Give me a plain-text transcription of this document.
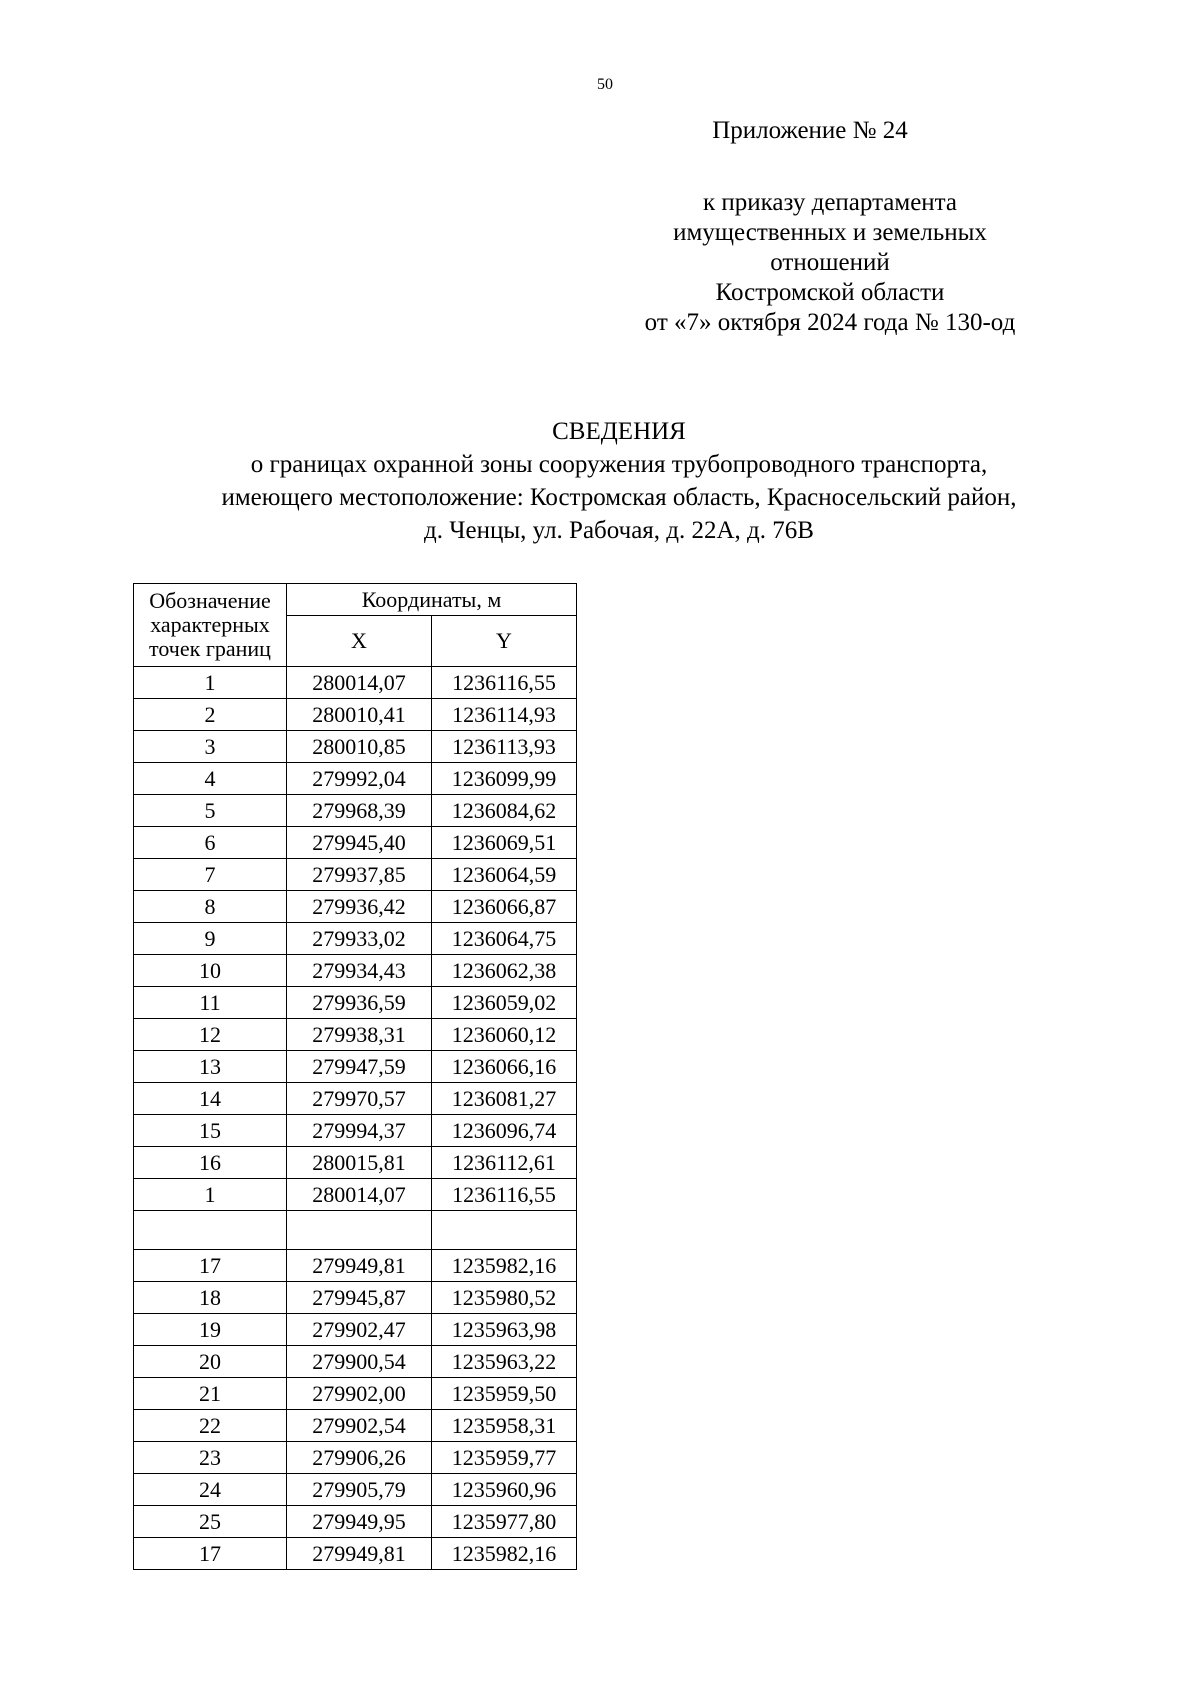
50
Приложение № 24
к приказу департамента
имущественных и земельных
отношений
Костромской области
от «7» октября 2024 года № 130-од
СВЕДЕНИЯ
о границах охранной зоны сооружения трубопроводного транспорта,
имеющего местоположение: Костромская область, Красносельский район,
д. Ченцы, ул. Рабочая, д. 22А, д. 76В
Обозначение характерных точек границ	Координаты, м	
	X	Y
1	280014,07	1236116,55
2	280010,41	1236114,93
3	280010,85	1236113,93
4	279992,04	1236099,99
5	279968,39	1236084,62
6	279945,40	1236069,51
7	279937,85	1236064,59
8	279936,42	1236066,87
9	279933,02	1236064,75
10	279934,43	1236062,38
11	279936,59	1236059,02
12	279938,31	1236060,12
13	279947,59	1236066,16
14	279970,57	1236081,27
15	279994,37	1236096,74
16	280015,81	1236112,61
1	280014,07	1236116,55

17	279949,81	1235982,16
18	279945,87	1235980,52
19	279902,47	1235963,98
20	279900,54	1235963,22
21	279902,00	1235959,50
22	279902,54	1235958,31
23	279906,26	1235959,77
24	279905,79	1235960,96
25	279949,95	1235977,80
17	279949,81	1235982,16
